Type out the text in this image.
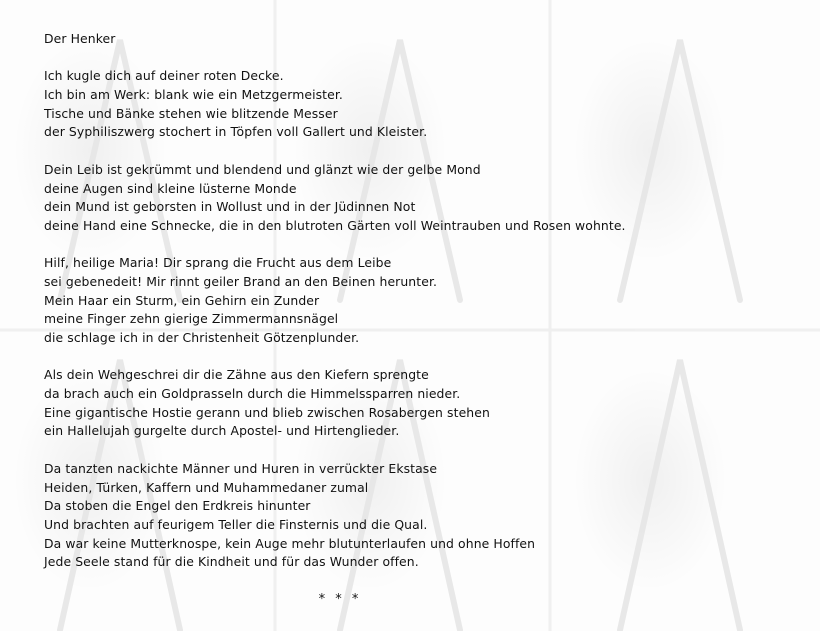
Der Henker
Ich kugle dich auf deiner roten Decke.
Ich bin am Werk: blank wie ein Metzgermeister.
Tische und Bänke stehen wie blitzende Messer
der Syphiliszwerg stochert in Töpfen voll Gallert und Kleister.
Dein Leib ist gekrümmt und blendend und glänzt wie der gelbe Mond
deine Augen sind kleine lüsterne Monde
dein Mund ist geborsten in Wollust und in der Jüdinnen Not
deine Hand eine Schnecke, die in den blutroten Gärten voll Weintrauben und Rosen wohnte.
Hilf, heilige Maria! Dir sprang die Frucht aus dem Leibe
sei gebenedeit! Mir rinnt geiler Brand an den Beinen herunter.
Mein Haar ein Sturm, ein Gehirn ein Zunder
meine Finger zehn gierige Zimmermannsnägel
die schlage ich in der Christenheit Götzenplunder.
Als dein Wehgeschrei dir die Zähne aus den Kiefern sprengte
da brach auch ein Goldprasseln durch die Himmelssparren nieder.
Eine gigantische Hostie gerann und blieb zwischen Rosabergen stehen
ein Hallelujah gurgelte durch Apostel- und Hirtenglieder.
Da tanzten nackichte Männer und Huren in verrückter Ekstase
Heiden, Türken, Kaffern und Muhammedaner zumal
Da stoben die Engel den Erdkreis hinunter
Und brachten auf feurigem Teller die Finsternis und die Qual.
Da war keine Mutterknospe, kein Auge mehr blutunterlaufen und ohne Hoffen
Jede Seele stand für die Kindheit und für das Wunder offen.
* * *
